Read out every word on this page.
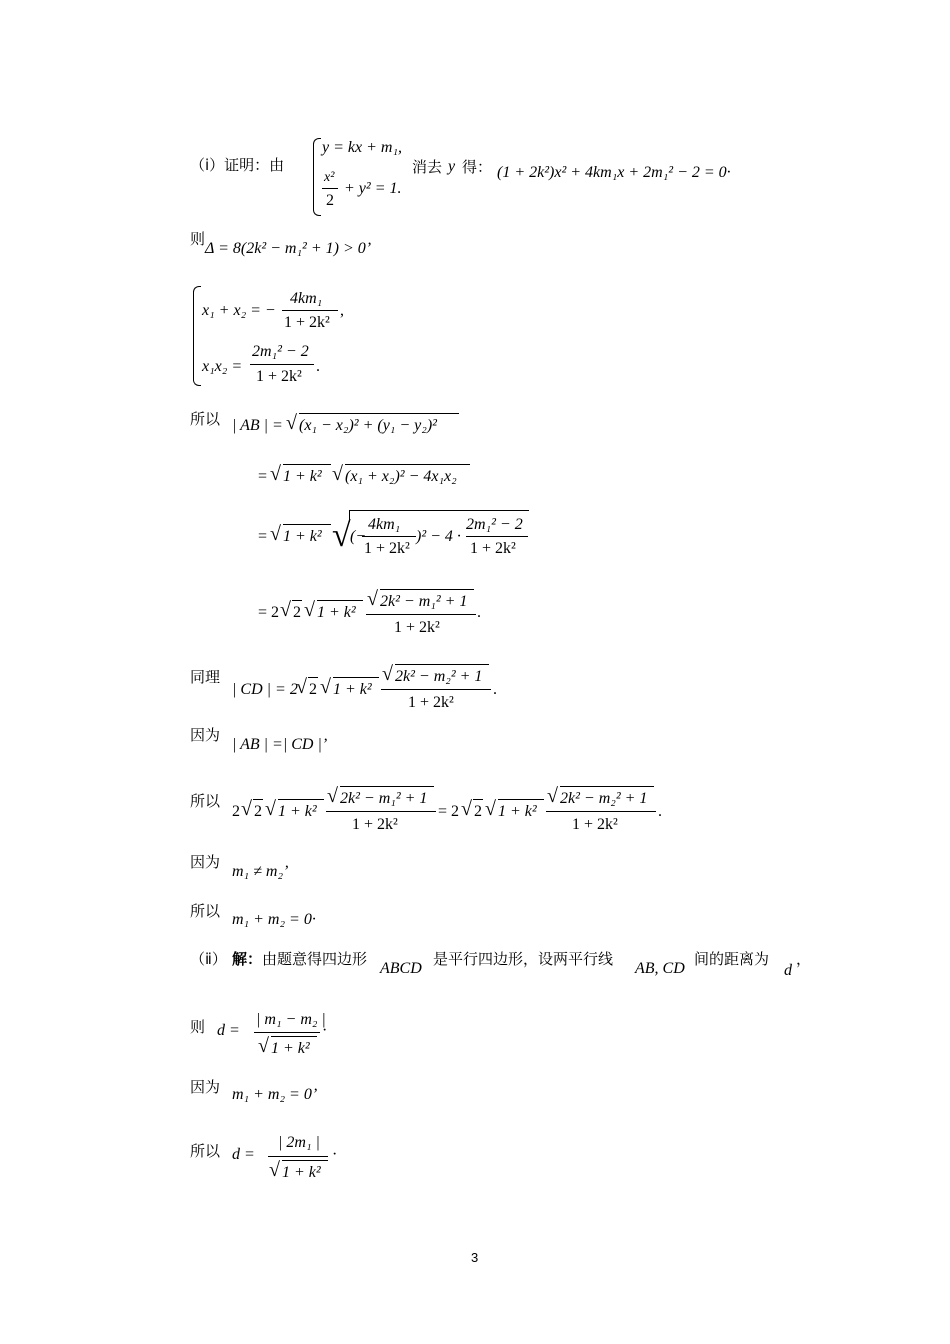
（ⅰ）证明：由
y = kx + m₁,
x²
2
+ y² = 1.
消去 y 得： (1 + 2k²)x² + 4km₁x + 2m₁² − 2 = 0·
则
Δ = 8(2k² − m₁² + 1) > 0’
x₁ + x₂ = −
4km₁
1 + 2k²
,
x₁x₂ =
2m₁² − 2
1 + 2k²
.
所以 | AB | = √ (x₁ − x₂)² + (y₁ − y₂)²
= √ 1 + k² √ (x₁ + x₂)² − 4x₁x₂
= √ 1 + k² √ (−
4km₁
1 + 2k²
)² − 4 ·
2m₁² − 2
1 + 2k²
= 2 √ 2 √ 1 + k²
√ 2k² − m₁² + 1
1 + 2k²
.
同理
| CD | = 2
√ 2 √ 1 + k²
√ 2k² − m₂² + 1
1 + 2k²
.
因为
| AB | =| CD |’
所以
2 √ 2 √ 1 + k²
√ 2k² − m₁² + 1
1 + 2k²
= 2 √ 2 √ 1 + k²
√ 2k² − m₂² + 1
1 + 2k²
.
因为
m₁ ≠ m₂’
所以 m₁ + m₂ = 0·
（ⅱ） 解： 由题意得四边形
ABCD
是平行四边形，设两平行线
AB, CD
间的距离为
d
，
则 d =
| m₁ − m₂ |
√ 1 + k²
·
因为 m₁ + m₂ = 0’
所以 d =
| 2m₁ |
√ 1 + k²
·
3
